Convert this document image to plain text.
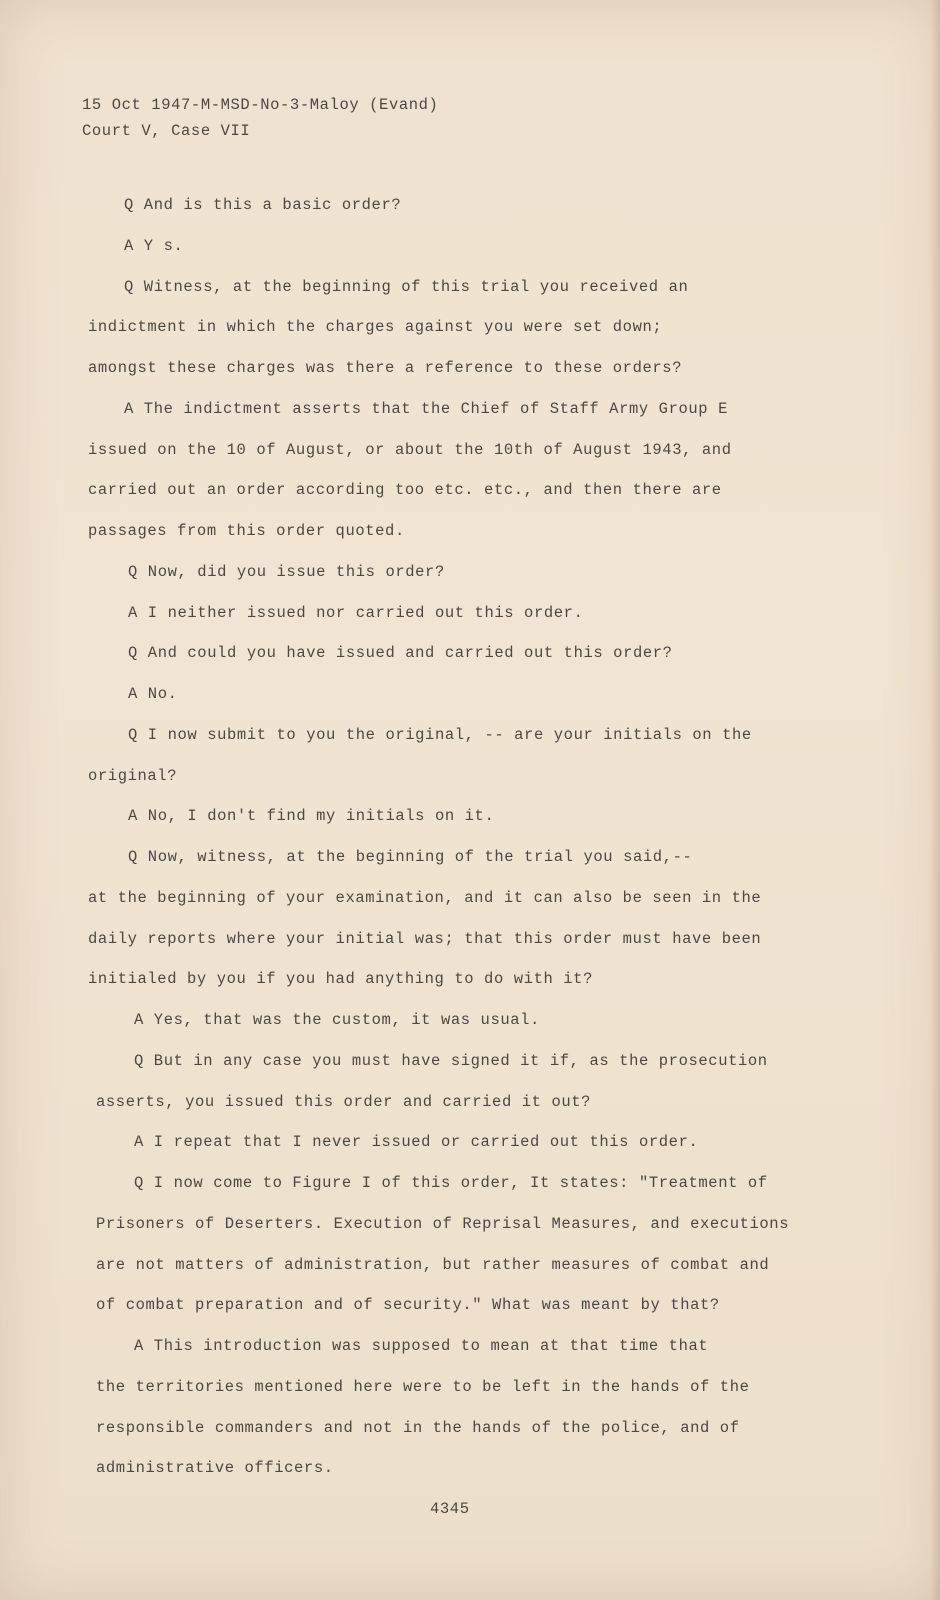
15 Oct 1947-M-MSD-No-3-Maloy (Evand)
Court V, Case VII

Q And is this a basic order?

A Y s.

Q Witness, at the beginning of this trial you received an

indictment in which the charges against you were set down;

amongst these charges was there a reference to these orders?

A The indictment asserts that the Chief of Staff Army Group E

issued on the 10 of August, or about the 10th of August 1943, and

carried out an order according too etc. etc., and then there are

passages from this order quoted.

Q Now, did you issue this order?

A I neither issued nor carried out this order.

Q And could you have issued and carried out this order?

A No.

Q I now submit to you the original, -- are your initials on the

original?

A No, I don't find my initials on it.

Q Now, witness, at the beginning of the trial you said,--

at the beginning of your examination, and it can also be seen in the

daily reports where your initial was; that this order must have been

initialed by you if you had anything to do with it?

A Yes, that was the custom, it was usual.

Q But in any case you must have signed it if, as the prosecution

asserts, you issued this order and carried it out?

A I repeat that I never issued or carried out this order.

Q I now come to Figure I of this order, It states: "Treatment of

Prisoners of Deserters. Execution of Reprisal Measures, and executions

are not matters of administration, but rather measures of combat and

of combat preparation and of security." What was meant by that?

A This introduction was supposed to mean at that time that

the territories mentioned here were to be left in the hands of the

responsible commanders and not in the hands of the police, and of

administrative officers.

4345
